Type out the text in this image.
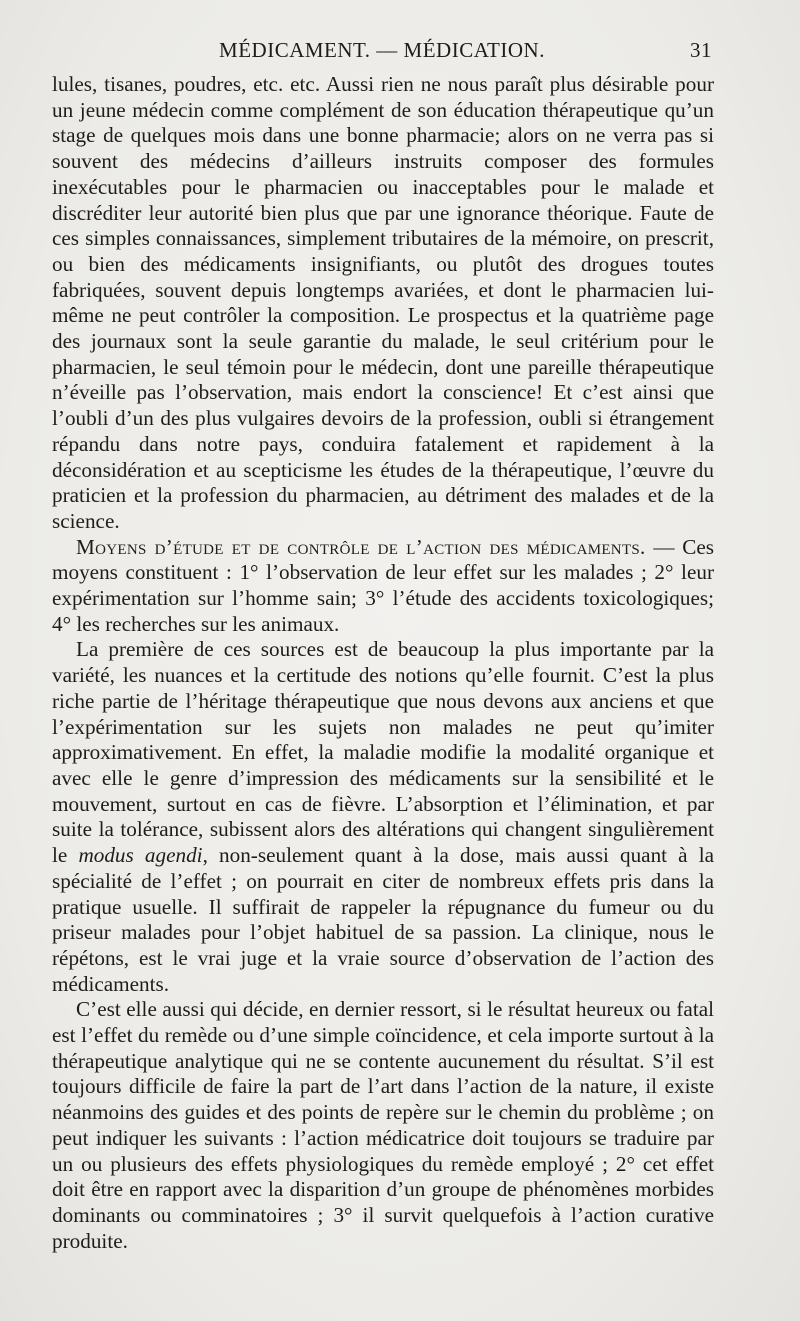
MÉDICAMENT. — MÉDICATION.	31

lules, tisanes, poudres, etc. etc. Aussi rien ne nous paraît plus désirable pour un jeune médecin comme complément de son éducation thérapeutique qu’un stage de quelques mois dans une bonne pharmacie; alors on ne verra pas si souvent des médecins d’ailleurs instruits composer des formules inexécutables pour le pharmacien ou inacceptables pour le malade et discréditer leur autorité bien plus que par une ignorance théorique. Faute de ces simples connaissances, simplement tributaires de la mémoire, on prescrit, ou bien des médicaments insignifiants, ou plutôt des drogues toutes fabriquées, souvent depuis longtemps avariées, et dont le pharmacien lui-même ne peut contrôler la composition. Le prospectus et la quatrième page des journaux sont la seule garantie du malade, le seul critérium pour le pharmacien, le seul témoin pour le médecin, dont une pareille thérapeutique n’éveille pas l’observation, mais endort la conscience! Et c’est ainsi que l’oubli d’un des plus vulgaires devoirs de la profession, oubli si étrangement répandu dans notre pays, conduira fatalement et rapidement à la déconsidération et au scepticisme les études de la thérapeutique, l’œuvre du praticien et la profession du pharmacien, au détriment des malades et de la science.

Moyens d’étude et de contrôle de l’action des médicaments. — Ces moyens constituent : 1° l’observation de leur effet sur les malades ; 2° leur expérimentation sur l’homme sain; 3° l’étude des accidents toxicologiques; 4° les recherches sur les animaux.

La première de ces sources est de beaucoup la plus importante par la variété, les nuances et la certitude des notions qu’elle fournit. C’est la plus riche partie de l’héritage thérapeutique que nous devons aux anciens et que l’expérimentation sur les sujets non malades ne peut qu’imiter approximativement. En effet, la maladie modifie la modalité organique et avec elle le genre d’impression des médicaments sur la sensibilité et le mouvement, surtout en cas de fièvre. L’absorption et l’élimination, et par suite la tolérance, subissent alors des altérations qui changent singulièrement le modus agendi, non-seulement quant à la dose, mais aussi quant à la spécialité de l’effet ; on pourrait en citer de nombreux effets pris dans la pratique usuelle. Il suffirait de rappeler la répugnance du fumeur ou du priseur malades pour l’objet habituel de sa passion. La clinique, nous le répétons, est le vrai juge et la vraie source d’observation de l’action des médicaments.

C’est elle aussi qui décide, en dernier ressort, si le résultat heureux ou fatal est l’effet du remède ou d’une simple coïncidence, et cela importe surtout à la thérapeutique analytique qui ne se contente aucunement du résultat. S’il est toujours difficile de faire la part de l’art dans l’action de la nature, il existe néanmoins des guides et des points de repère sur le chemin du problème ; on peut indiquer les suivants : l’action médicatrice doit toujours se traduire par un ou plusieurs des effets physiologiques du remède employé ; 2° cet effet doit être en rapport avec la disparition d’un groupe de phénomènes morbides dominants ou comminatoires ; 3° il survit quelquefois à l’action curative produite.
